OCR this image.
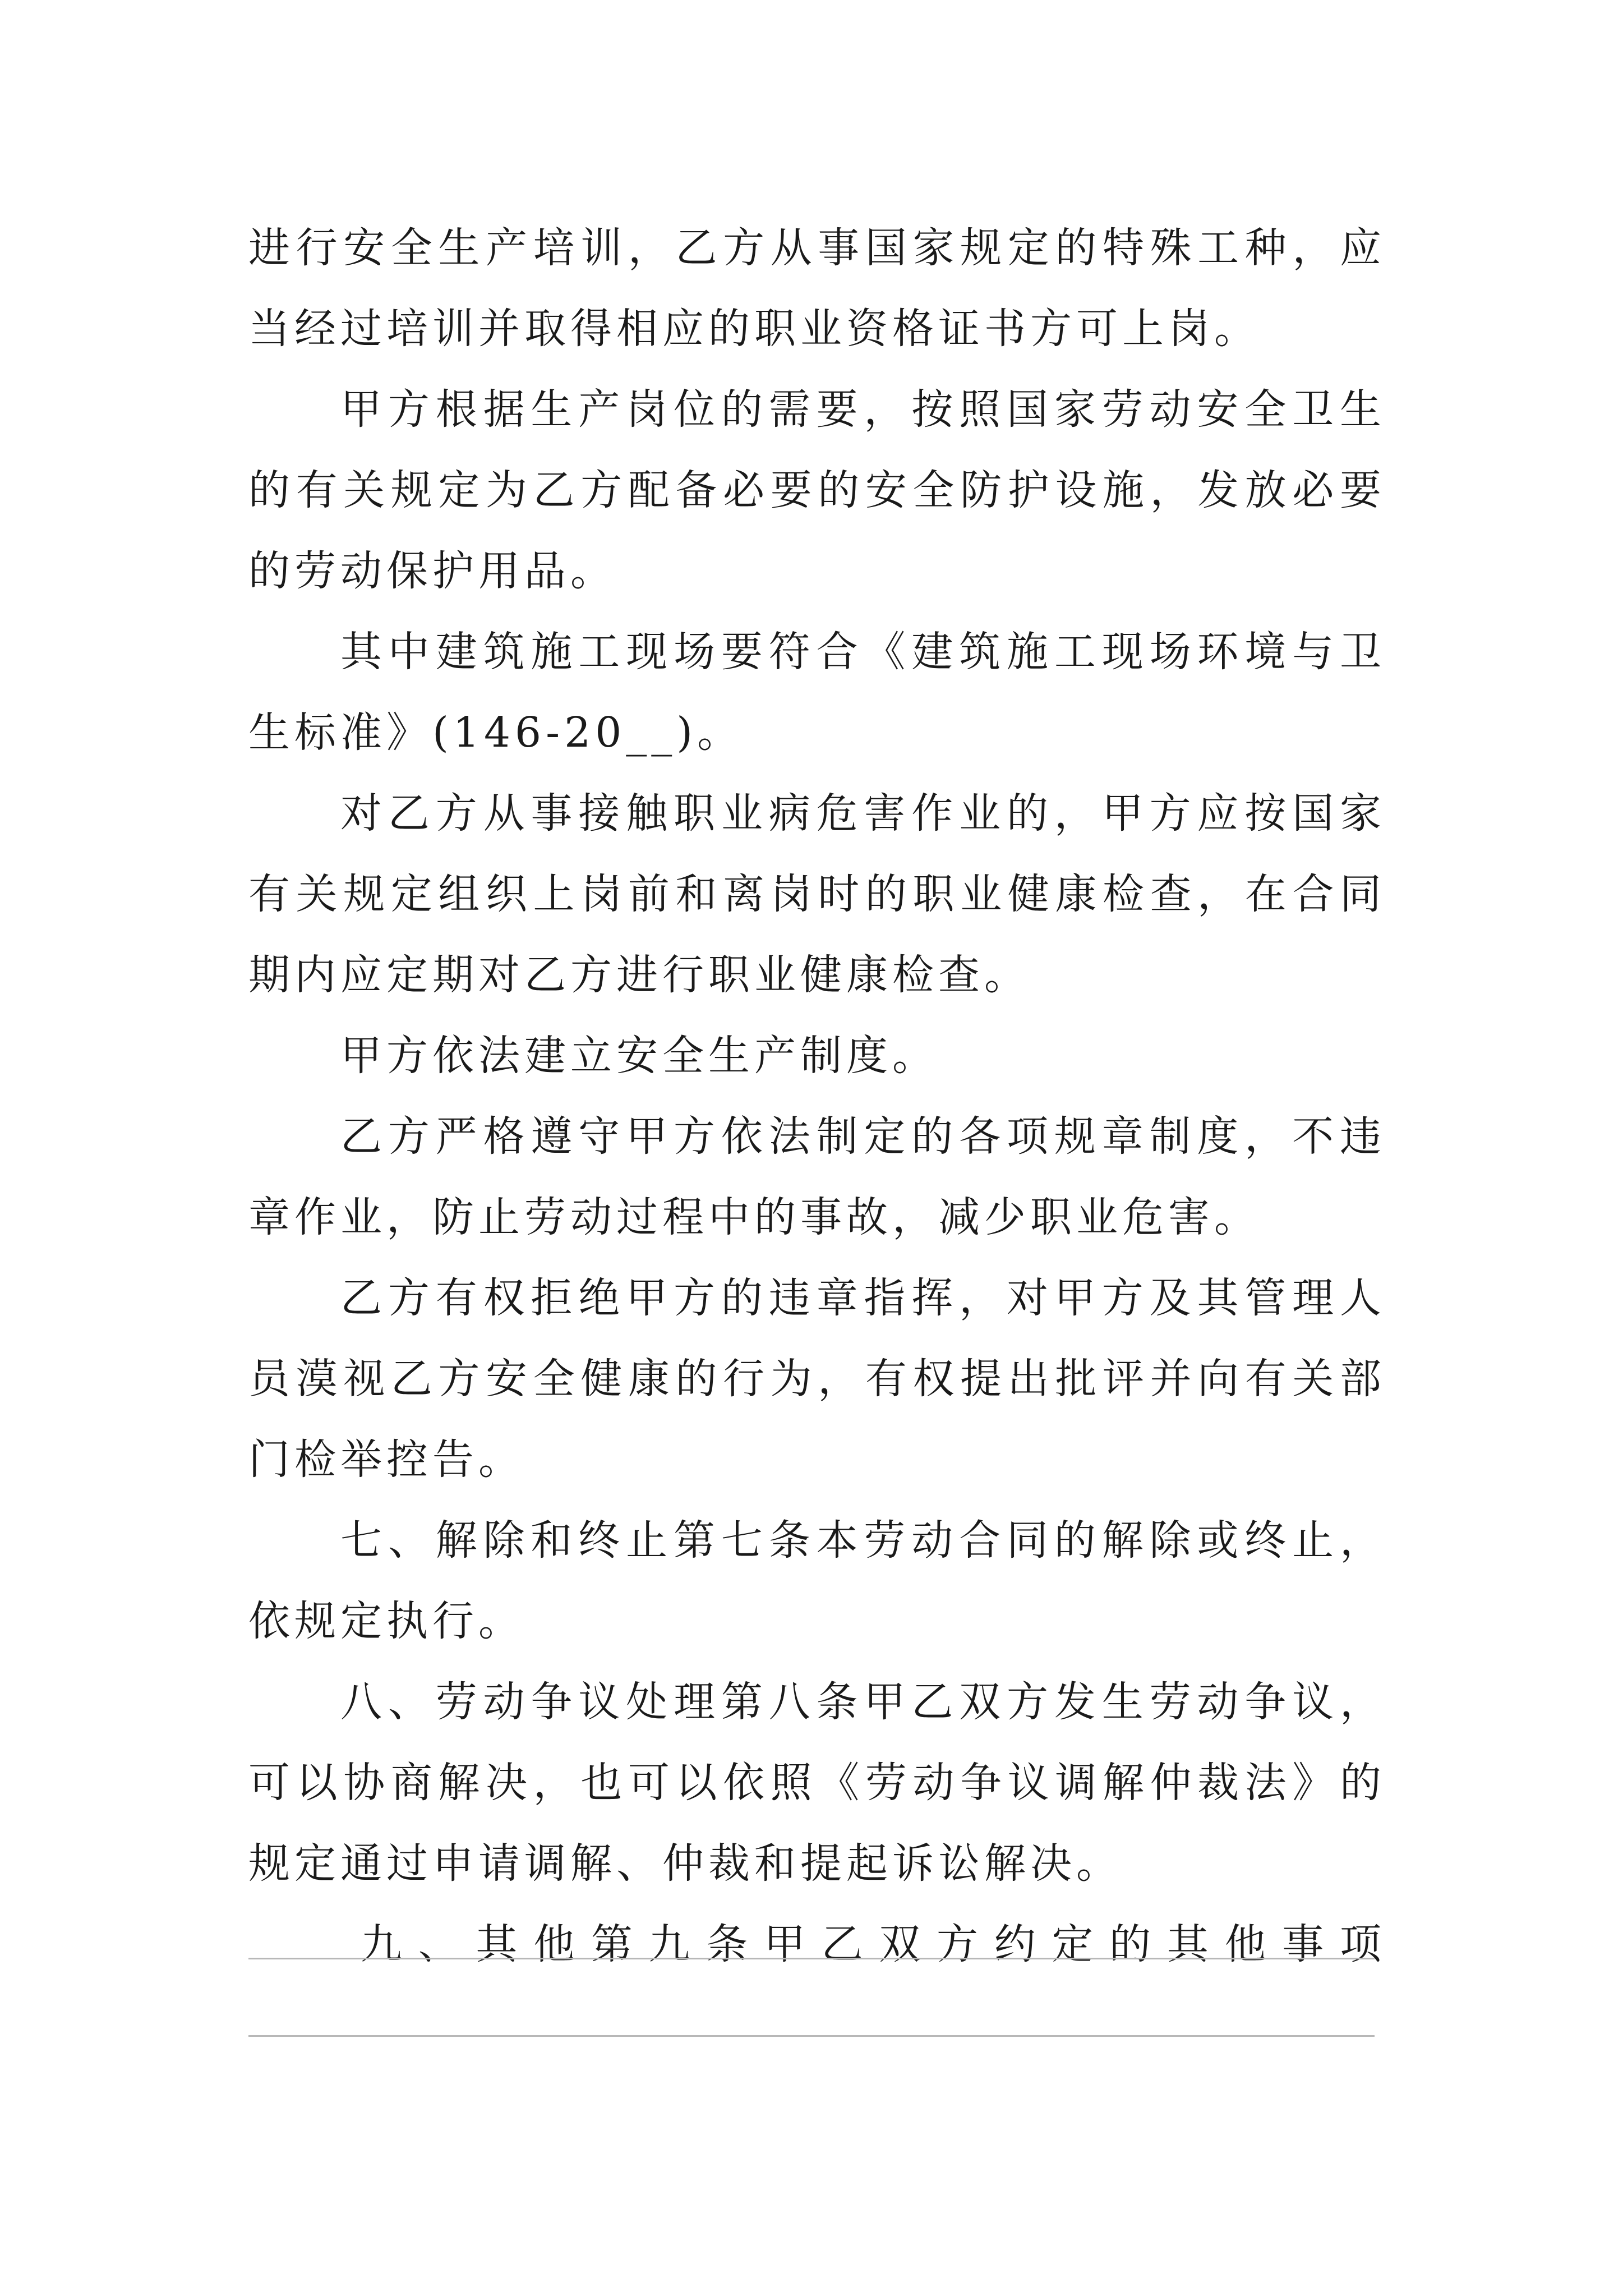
进行安全生产培训，乙方从事国家规定的特殊工种，应当经过培训并取得相应的职业资格证书方可上岗。

甲方根据生产岗位的需要，按照国家劳动安全卫生的有关规定为乙方配备必要的安全防护设施，发放必要的劳动保护用品。

其中建筑施工现场要符合《建筑施工现场环境与卫生标准》(146-20__)。

对乙方从事接触职业病危害作业的，甲方应按国家有关规定组织上岗前和离岗时的职业健康检查，在合同期内应定期对乙方进行职业健康检查。

甲方依法建立安全生产制度。

乙方严格遵守甲方依法制定的各项规章制度，不违章作业，防止劳动过程中的事故，减少职业危害。

乙方有权拒绝甲方的违章指挥，对甲方及其管理人员漠视乙方安全健康的行为，有权提出批评并向有关部门检举控告。

七、解除和终止第七条本劳动合同的解除或终止，依规定执行。

八、劳动争议处理第八条甲乙双方发生劳动争议，可以协商解决，也可以依照《劳动争议调解仲裁法》的规定通过申请调解、仲裁和提起诉讼解决。

九、其他第九条甲乙双方约定的其他事项
